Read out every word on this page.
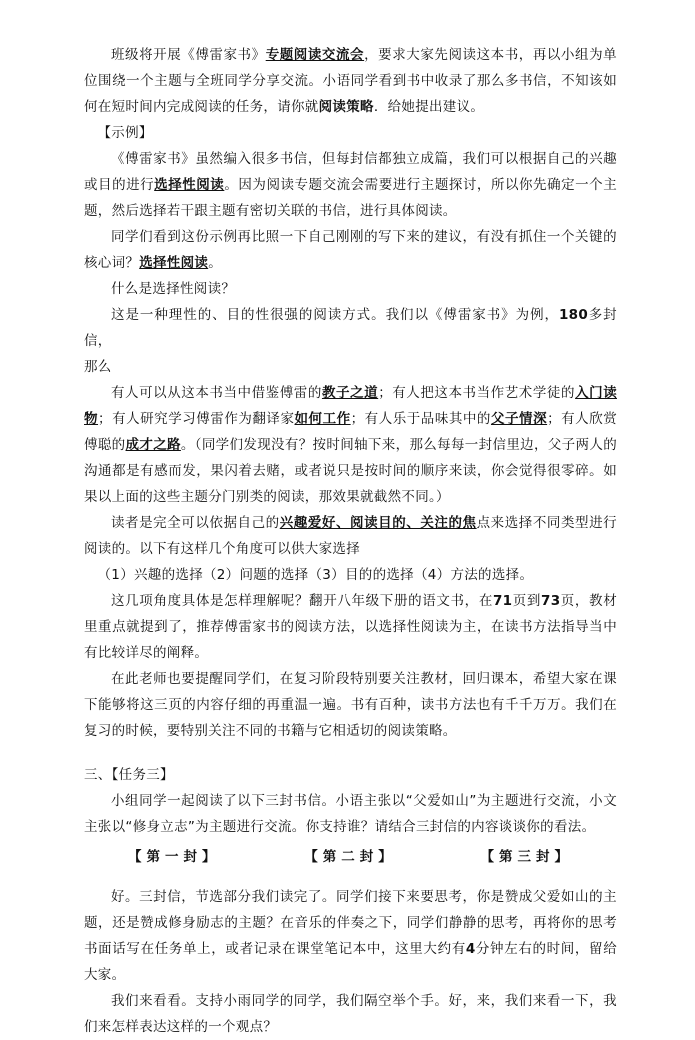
班级将开展《傅雷家书》专题阅读交流会，要求大家先阅读这本书，再以小组为单位围绕一个主题与全班同学分享交流。小语同学看到书中收录了那么多书信，不知该如何在短时间内完成阅读的任务，请你就阅读策略．给她提出建议。

【示例】

《傅雷家书》虽然编入很多书信，但每封信都独立成篇，我们可以根据自己的兴趣或目的进行选择性阅读。因为阅读专题交流会需要进行主题探讨，所以你先确定一个主题，然后选择若干跟主题有密切关联的书信，进行具体阅读。

同学们看到这份示例再比照一下自己刚刚的写下来的建议，有没有抓住一个关键的核心词？选择性阅读。

什么是选择性阅读？

这是一种理性的、目的性很强的阅读方式。我们以《傅雷家书》为例，180多封信，

那么

有人可以从这本书当中借鉴傅雷的教子之道；有人把这本书当作艺术学徒的入门读物；有人研究学习傅雷作为翻译家如何工作；有人乐于品味其中的父子情深；有人欣赏傅聪的成才之路。（同学们发现没有？按时间轴下来，那么每每一封信里边，父子两人的沟通都是有感而发，果闪着去赌，或者说只是按时间的顺序来读，你会觉得很零碎。如果以上面的这些主题分门别类的阅读，那效果就截然不同。）

读者是完全可以依据自己的兴趣爱好、阅读目的、关注的焦点来选择不同类型进行阅读的。以下有这样几个角度可以供大家选择

（1）兴趣的选择（2）问题的选择（3）目的的选择（4）方法的选择。

这几项角度具体是怎样理解呢？翻开八年级下册的语文书，在71页到73页，教材里重点就提到了，推荐傅雷家书的阅读方法，以选择性阅读为主，在读书方法指导当中有比较详尽的阐释。

在此老师也要提醒同学们，在复习阶段特别要关注教材，回归课本，希望大家在课下能够将这三页的内容仔细的再重温一遍。书有百种，读书方法也有千千万万。我们在复习的时候，要特别关注不同的书籍与它相适切的阅读策略。

三、【任务三】

小组同学一起阅读了以下三封书信。小语主张以“父爱如山”为主题进行交流，小文主张以“修身立志”为主题进行交流。你支持谁？请结合三封信的内容谈谈你的看法。

【第一封】	【第二封】	【第三封】

好。三封信，节选部分我们读完了。同学们接下来要思考，你是赞成父爱如山的主题，还是赞成修身励志的主题？在音乐的伴奏之下，同学们静静的思考，再将你的思考书面话写在任务单上，或者记录在课堂笔记本中，这里大约有4分钟左右的时间，留给大家。

我们来看看。支持小雨同学的同学，我们隔空举个手。好，来，我们来看一下，我们来怎样表达这样的一个观点？
